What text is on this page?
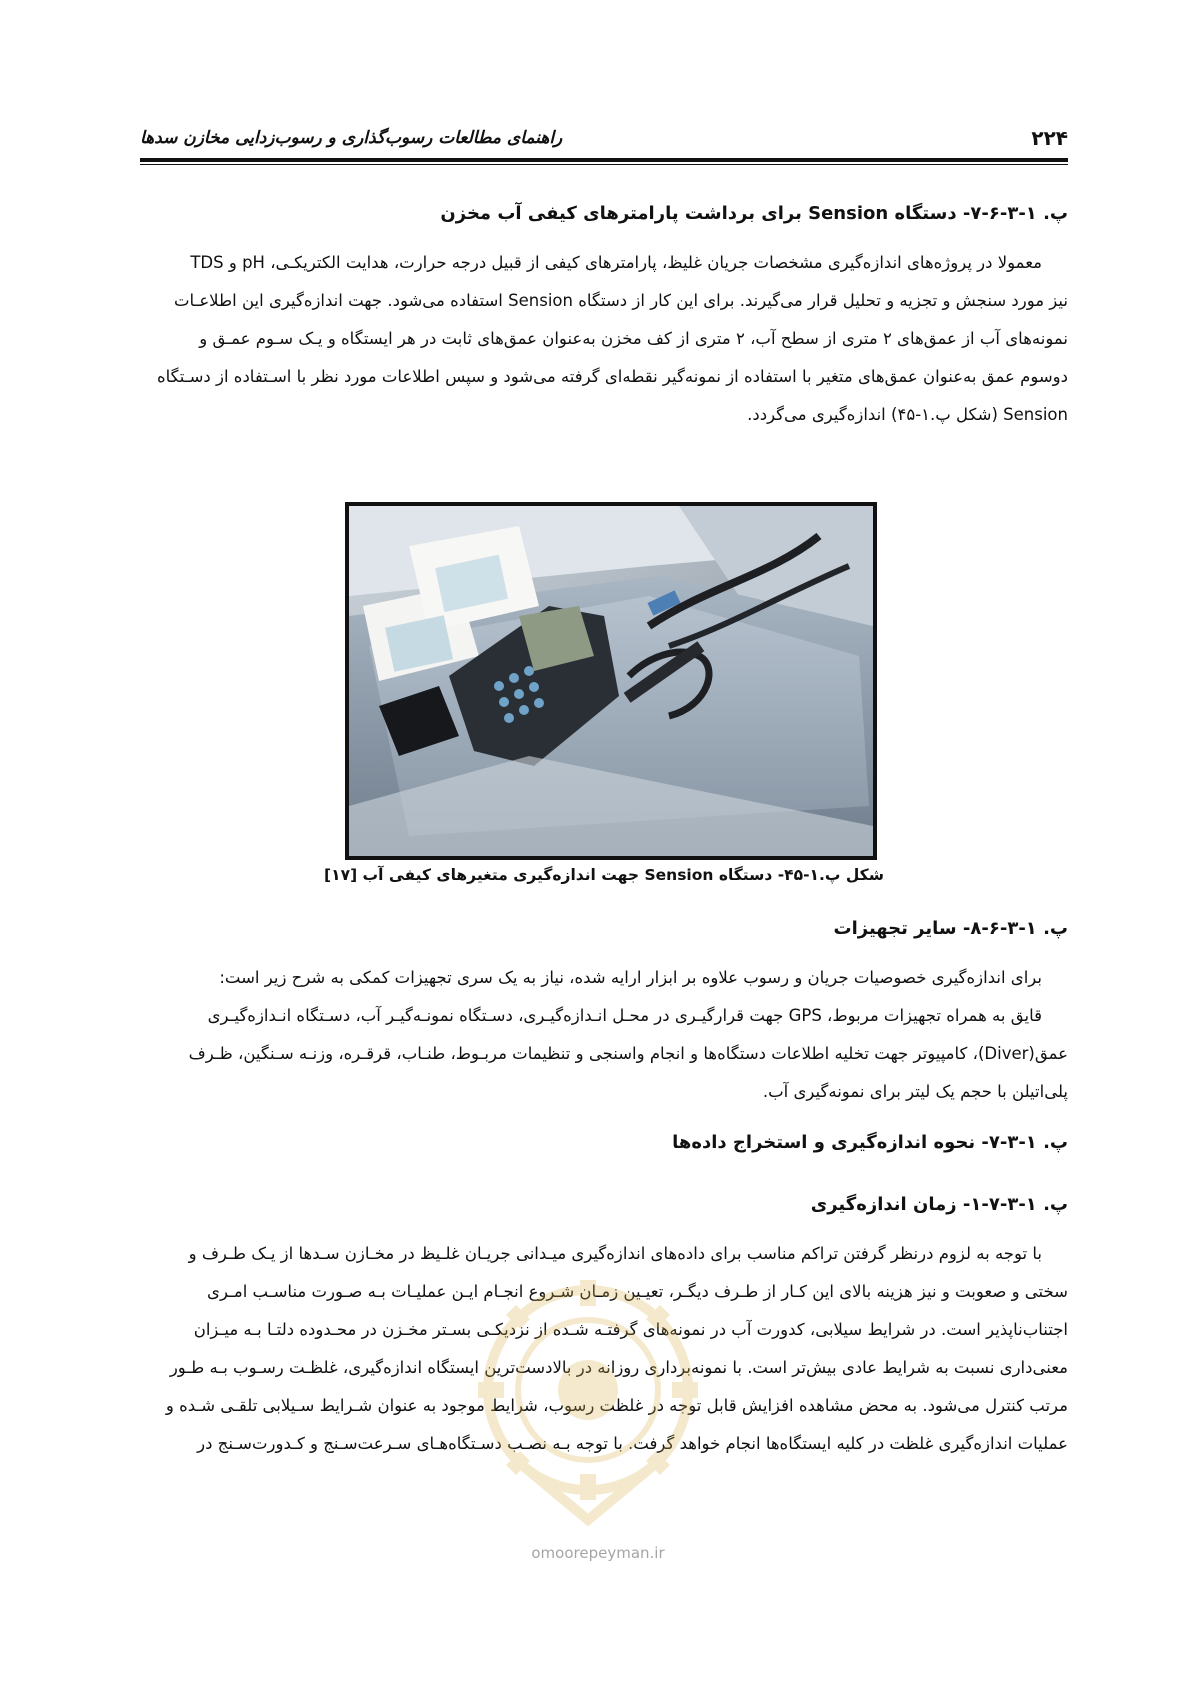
۲۲۴
راهنمای مطالعات رسوب‌گذاری و رسوب‌زدایی مخازن سدها
پ. ۱-۳-۶-۷- دستگاه Sension برای برداشت پارامترهای کیفی آب مخزن

معمولا در پروژه‌های اندازه‌گیری مشخصات جریان غلیظ، پارامترهای کیفی از قبیل درجه حرارت، هدایت الکتریکـی، pH و TDS

نیز مورد سنجش و تجزیه و تحلیل قرار می‌گیرند. برای این کار از دستگاه Sension استفاده می‌شود. جهت اندازه‌گیری این اطلاعـات

نمونه‌های آب از عمق‌های ۲ متری از سطح آب، ۲ متری از کف مخزن به‌عنوان عمق‌های ثابت در هر ایستگاه و یـک سـوم عمـق و

دوسوم عمق به‌عنوان عمق‌های متغیر با استفاده از نمونه‌گیر نقطه‌ای گرفته می‌شود و سپس اطلاعات مورد نظر با اسـتفاده از دسـتگاه

Sension (شکل پ.۱-۴۵) اندازه‌گیری می‌گردد.

شکل پ.۱-۴۵- دستگاه Sension جهت اندازه‌گیری متغیرهای کیفی آب [۱۷]
پ. ۱-۳-۶-۸- سایر تجهیزات

برای اندازه‌گیری خصوصیات جریان و رسوب علاوه بر ابزار ارایه شده، نیاز به یک سری تجهیزات کمکی به شرح زیر است:

قایق به همراه تجهیزات مربوط، GPS جهت قرارگیـری در محـل انـدازه‌گیـری، دسـتگاه نمونـه‌گیـر آب، دسـتگاه انـدازه‌گیـری

عمق(Diver)، کامپیوتر جهت تخلیه اطلاعات دستگاه‌ها و انجام واسنجی و تنظیمات مربـوط، طنـاب، قرقـره، وزنـه سـنگین، ظـرف

پلی‌اتیلن با حجم یک لیتر برای نمونه‌گیری آب.

پ. ۱-۳-۷- نحوه اندازه‌گیری و استخراج داده‌ها
پ. ۱-۳-۷-۱- زمان اندازه‌گیری

با توجه به لزوم درنظر گرفتن تراکم مناسب برای داده‌های اندازه‌گیری میـدانی جریـان غلـیظ در مخـازن سـدها از یـک طـرف و

سختی و صعوبت و نیز هزینه بالای این کـار از طـرف دیگـر، تعیـین زمـان شـروع انجـام ایـن عملیـات بـه صـورت مناسـب امـری

اجتناب‌ناپذیر است. در شرایط سیلابی، کدورت آب در نمونه‌های گرفتـه شـده از نزدیکـی بسـتر مخـزن در محـدوده دلتـا بـه میـزان

معنی‌داری نسبت به شرایط عادی بیش‌تر است. با نمونه‌برداری روزانه در بالادست‌ترین ایستگاه اندازه‌گیری، غلظـت رسـوب بـه طـور

مرتب کنترل می‌شود. به محض مشاهده افزایش قابل توجه در غلظت رسوب، شرایط موجود به عنوان شـرایط سـیلابی تلقـی شـده و

عملیات اندازه‌گیری غلظت در کلیه ایستگاه‌ها انجام خواهد گرفت. با توجه بـه نصـب دسـتگاه‌هـای سـرعت‌سـنج و کـدورت‌سـنج در

omoorepeyman.ir
